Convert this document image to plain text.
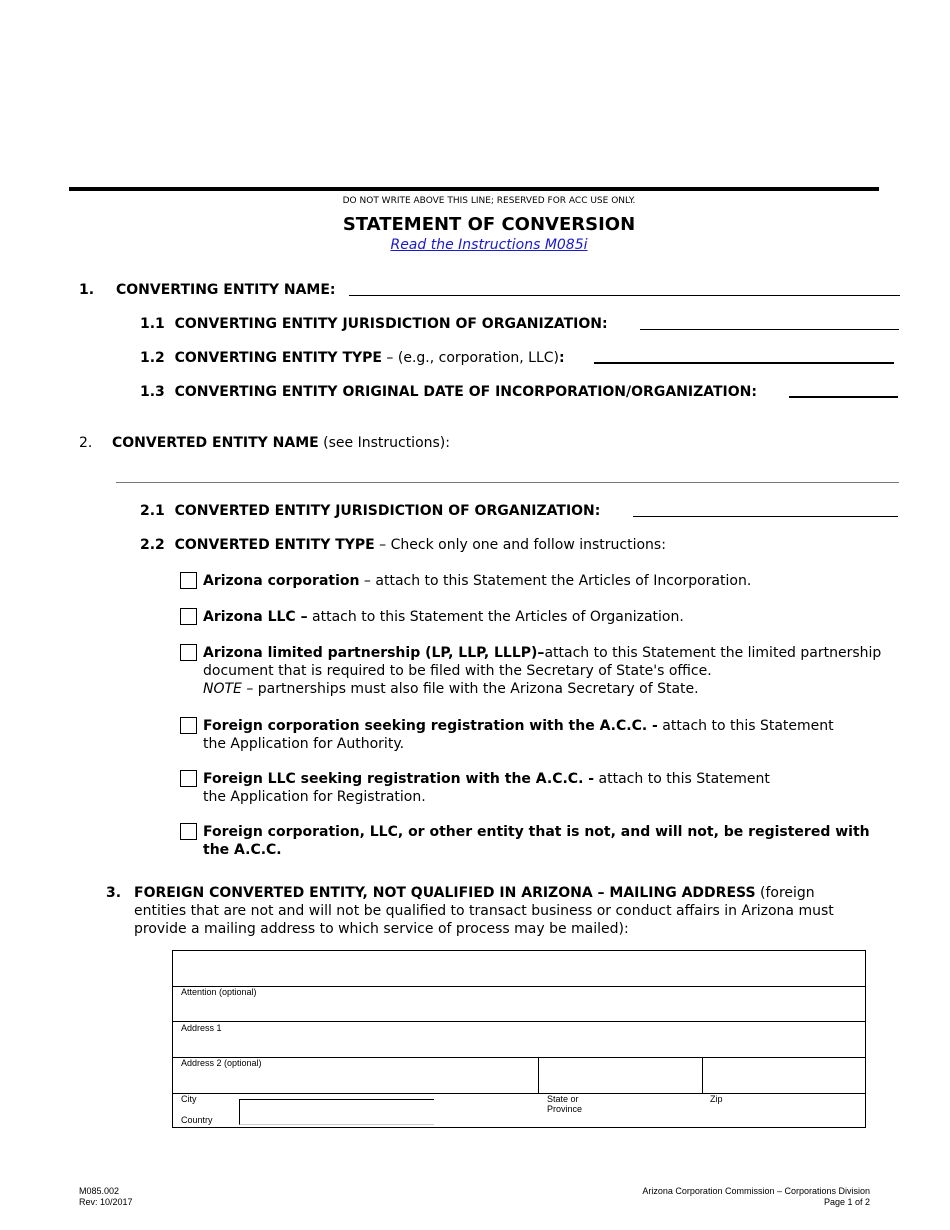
DO NOT WRITE ABOVE THIS LINE; RESERVED FOR ACC USE ONLY.
STATEMENT OF CONVERSION
Read the Instructions M085i
1. CONVERTING ENTITY NAME:
1.1 CONVERTING ENTITY JURISDICTION OF ORGANIZATION:
1.2 CONVERTING ENTITY TYPE – (e.g., corporation, LLC):
1.3 CONVERTING ENTITY ORIGINAL DATE OF INCORPORATION/ORGANIZATION:
2. CONVERTED ENTITY NAME (see Instructions):
2.1 CONVERTED ENTITY JURISDICTION OF ORGANIZATION:
2.2 CONVERTED ENTITY TYPE – Check only one and follow instructions:
Arizona corporation – attach to this Statement the Articles of Incorporation.
Arizona LLC – attach to this Statement the Articles of Organization.
Arizona limited partnership (LP, LLP, LLLP)–attach to this Statement the limited partnership
document that is required to be filed with the Secretary of State's office.
NOTE – partnerships must also file with the Arizona Secretary of State.
Foreign corporation seeking registration with the A.C.C. - attach to this Statement
the Application for Authority.
Foreign LLC seeking registration with the A.C.C. - attach to this Statement
the Application for Registration.
Foreign corporation, LLC, or other entity that is not, and will not, be registered with
the A.C.C.
3. FOREIGN CONVERTED ENTITY, NOT QUALIFIED IN ARIZONA – MAILING ADDRESS (foreign
entities that are not and will not be qualified to transact business or conduct affairs in Arizona must
provide a mailing address to which service of process may be mailed):
Attention (optional)
Address 1
Address 2 (optional)
City
Country
State or
Province
Zip
M085.002
Rev: 10/2017
Arizona Corporation Commission – Corporations Division
Page 1 of 2
